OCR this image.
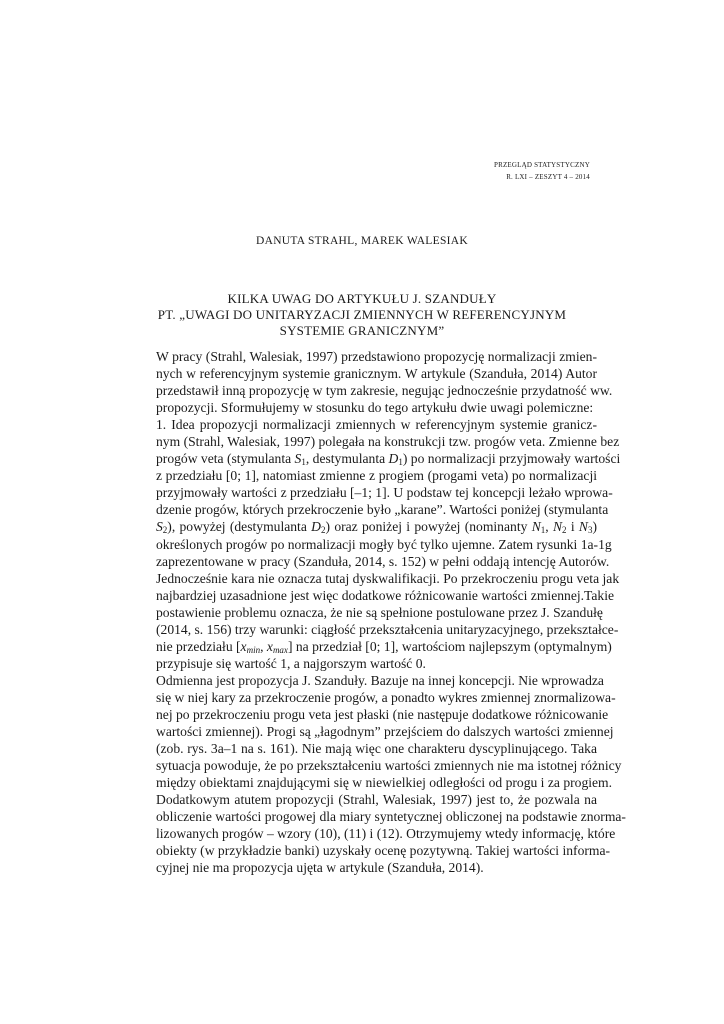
PRZEGLĄD STATYSTYCZNY
R. LXI – ZESZYT 4 – 2014
DANUTA STRAHL, MAREK WALESIAK
KILKA UWAG DO ARTYKUŁU J. SZANDUŁY
PT. „UWAGI DO UNITARYZACJI ZMIENNYCH W REFERENCYJNYM
SYSTEMIE GRANICZNYM”

W pracy (Strahl, Walesiak, 1997) przedstawiono propozycję normalizacji zmien-
nych w referencyjnym systemie granicznym. W artykule (Szanduła, 2014) Autor
przedstawił inną propozycję w tym zakresie, negując jednocześnie przydatność ww.
propozycji. Sformułujemy w stosunku do tego artykułu dwie uwagi polemiczne:

1. Idea propozycji normalizacji zmiennych w referencyjnym systemie granicz-
nym (Strahl, Walesiak, 1997) polegała na konstrukcji tzw. progów veta. Zmienne bez
progów veta (stymulanta $S_1$, destymulanta $D_1$) po normalizacji przyjmowały wartości
z przedziału [0; 1], natomiast zmienne z progiem (progami veta) po normalizacji
przyjmowały wartości z przedziału [–1; 1]. U podstaw tej koncepcji leżało wprowa-
dzenie progów, których przekroczenie było „karane”. Wartości poniżej (stymulanta
$S_2$), powyżej (destymulanta $D_2$) oraz poniżej i powyżej (nominanty $N_1$, $N_2$ i $N_3$)
określonych progów po normalizacji mogły być tylko ujemne. Zatem rysunki 1a-1g
zaprezentowane w pracy (Szanduła, 2014, s. 152) w pełni oddają intencję Autorów.
Jednocześnie kara nie oznacza tutaj dyskwalifikacji. Po przekroczeniu progu veta jak
najbardziej uzasadnione jest więc dodatkowe różnicowanie wartości zmiennej.Takie
postawienie problemu oznacza, że nie są spełnione postulowane przez J. Szandułę
(2014, s. 156) trzy warunki: ciągłość przekształcenia unitaryzacyjnego, przekształce-
nie przedziału [$x_{min}$, $x_{max}$] na przedział [0; 1], wartościom najlepszym (optymalnym)
przypisuje się wartość 1, a najgorszym wartość 0.

Odmienna jest propozycja J. Szanduły. Bazuje na innej koncepcji. Nie wprowadza
się w niej kary za przekroczenie progów, a ponadto wykres zmiennej znormalizowa-
nej po przekroczeniu progu veta jest płaski (nie następuje dodatkowe różnicowanie
wartości zmiennej). Progi są „łagodnym” przejściem do dalszych wartości zmiennej
(zob. rys. 3a–1 na s. 161). Nie mają więc one charakteru dyscyplinującego. Taka
sytuacja powoduje, że po przekształceniu wartości zmiennych nie ma istotnej różnicy
między obiektami znajdującymi się w niewielkiej odległości od progu i za progiem.

Dodatkowym atutem propozycji (Strahl, Walesiak, 1997) jest to, że pozwala na
obliczenie wartości progowej dla miary syntetycznej obliczonej na podstawie znorma-
lizowanych progów – wzory (10), (11) i (12). Otrzymujemy wtedy informację, które
obiekty (w przykładzie banki) uzyskały ocenę pozytywną. Takiej wartości informa-
cyjnej nie ma propozycja ujęta w artykule (Szanduła, 2014).
